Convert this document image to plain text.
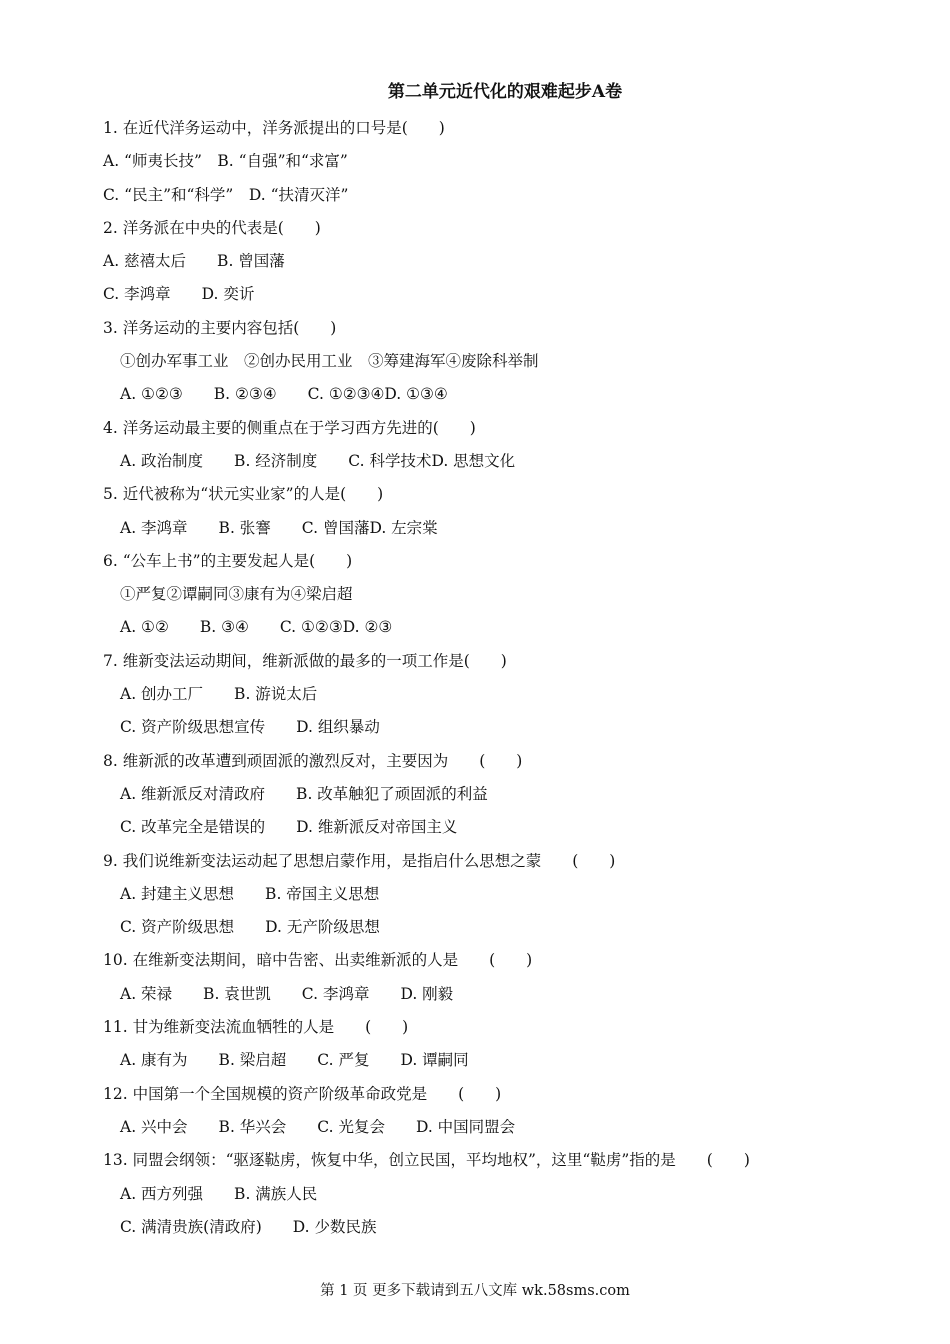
第二单元近代化的艰难起步A卷
1. 在近代洋务运动中，洋务派提出的口号是(　　)
A. “师夷长技”　B. “自强”和“求富”
C. “民主”和“科学”　D. “扶清灭洋”
2. 洋务派在中央的代表是(　　)
A. 慈禧太后　　B. 曾国藩
C. 李鸿章　　D. 奕䜣
3. 洋务运动的主要内容包括(　　)
①创办军事工业　②创办民用工业　③筹建海军④废除科举制
A. ①②③　　B. ②③④　　C. ①②③④D. ①③④
4. 洋务运动最主要的侧重点在于学习西方先进的(　　)
A. 政治制度　　B. 经济制度　　C. 科学技术D. 思想文化
5. 近代被称为“状元实业家”的人是(　　)
A. 李鸿章　　B. 张謇　　C. 曾国藩D. 左宗棠
6. “公车上书”的主要发起人是(　　)
①严复②谭嗣同③康有为④梁启超
A. ①②　　B. ③④　　C. ①②③D. ②③
7. 维新变法运动期间，维新派做的最多的一项工作是(　　)
A. 创办工厂　　B. 游说太后
C. 资产阶级思想宣传　　D. 组织暴动
8. 维新派的改革遭到顽固派的激烈反对，主要因为　　(　　)
A. 维新派反对清政府　　B. 改革触犯了顽固派的利益
C. 改革完全是错误的　　D. 维新派反对帝国主义
9. 我们说维新变法运动起了思想启蒙作用，是指启什么思想之蒙　　(　　)
A. 封建主义思想　　B. 帝国主义思想
C. 资产阶级思想　　D. 无产阶级思想
10. 在维新变法期间，暗中告密、出卖维新派的人是　　(　　)
A. 荣禄　　B. 袁世凯　　C. 李鸿章　　D. 刚毅
11. 甘为维新变法流血牺牲的人是　　(　　)
A. 康有为　　B. 梁启超　　C. 严复　　D. 谭嗣同
12. 中国第一个全国规模的资产阶级革命政党是　　(　　)
A. 兴中会　　B. 华兴会　　C. 光复会　　D. 中国同盟会
13. 同盟会纲领：“驱逐鞑虏，恢复中华，创立民国，平均地权”，这里“鞑虏”指的是　　(　　)
A. 西方列强　　B. 满族人民
C. 满清贵族(清政府)　　D. 少数民族
第 1 页 更多下载请到五八文库 wk.58sms.com
